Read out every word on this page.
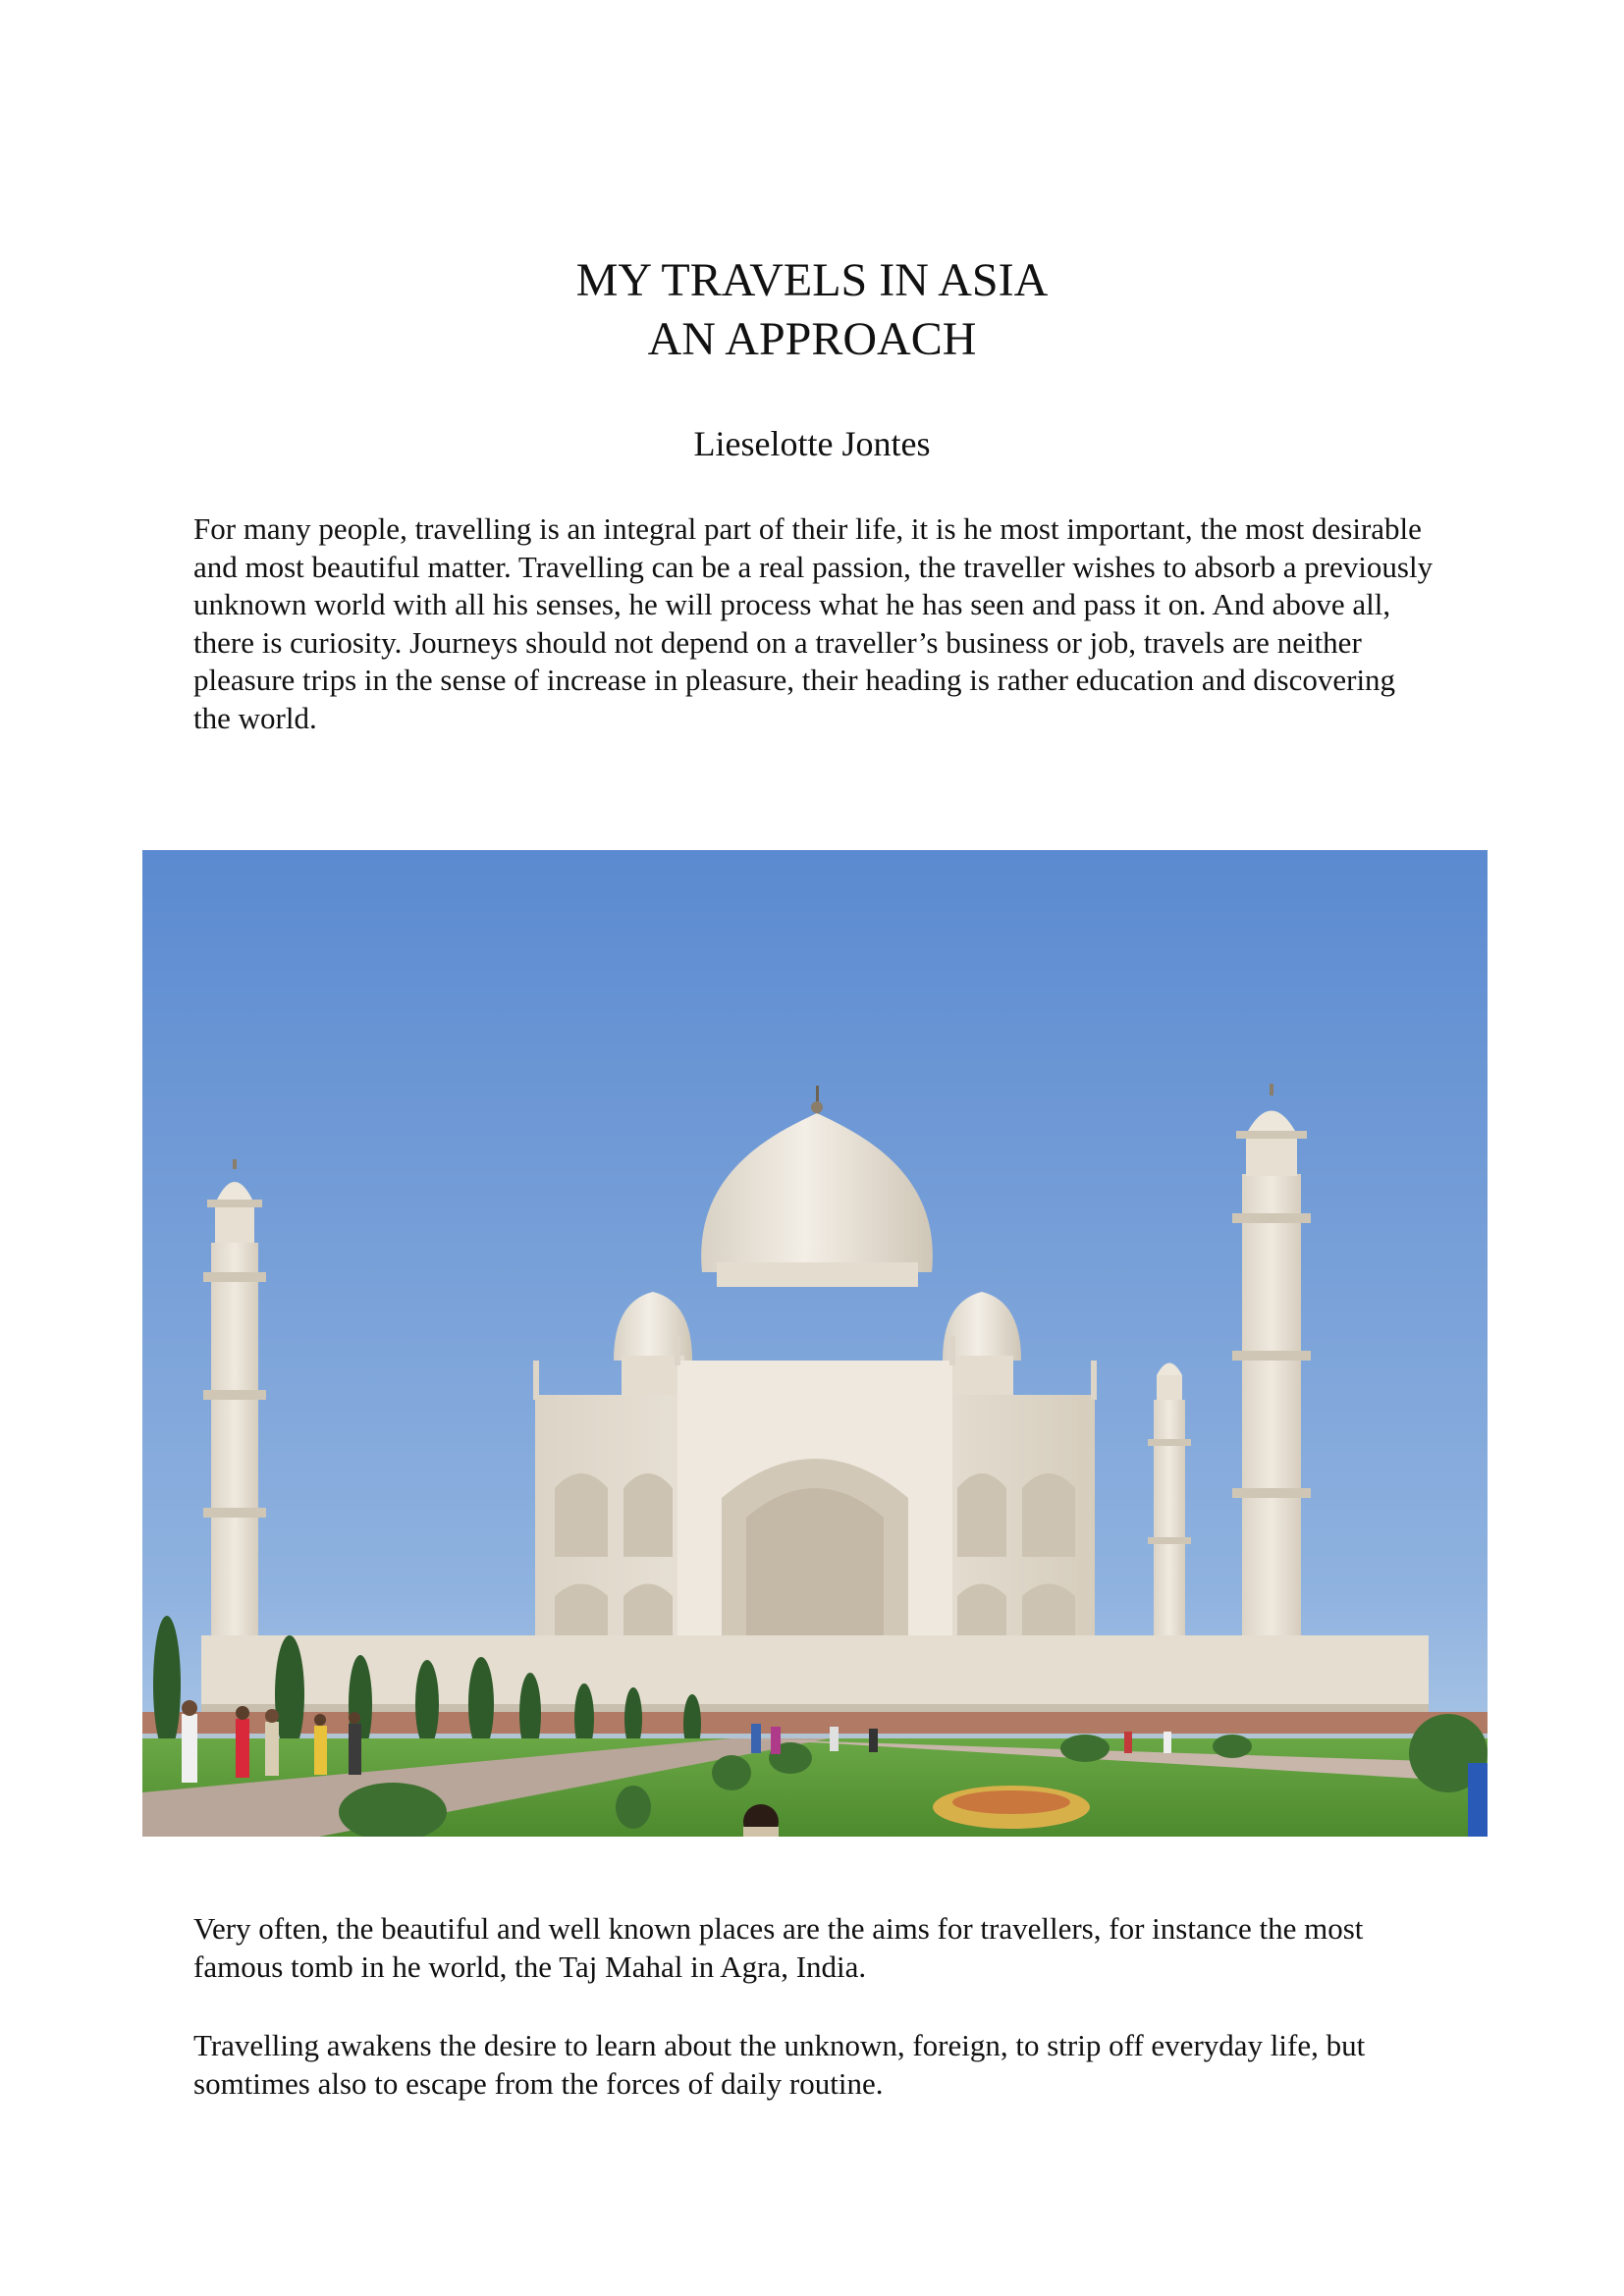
MY TRAVELS IN ASIA
AN APPROACH

Lieselotte Jontes

For many people, travelling is an integral part of their life, it is he most important, the most desirable and most beautiful matter. Travelling can be a real passion, the traveller wishes to absorb a previously unknown world with all his senses, he will process what he has seen and pass it on. And above all, there is curiosity. Journeys should not depend on a traveller’s business or job, travels are neither pleasure trips in the sense of increase in pleasure, their heading is rather education and discovering the world.

Very often, the beautiful and well known places are the aims for travellers, for instance the most famous tomb in he world, the Taj Mahal in Agra, India.

Travelling awakens the desire to learn about the unknown, foreign, to strip off everyday life, but somtimes also to escape from the forces of daily routine.
